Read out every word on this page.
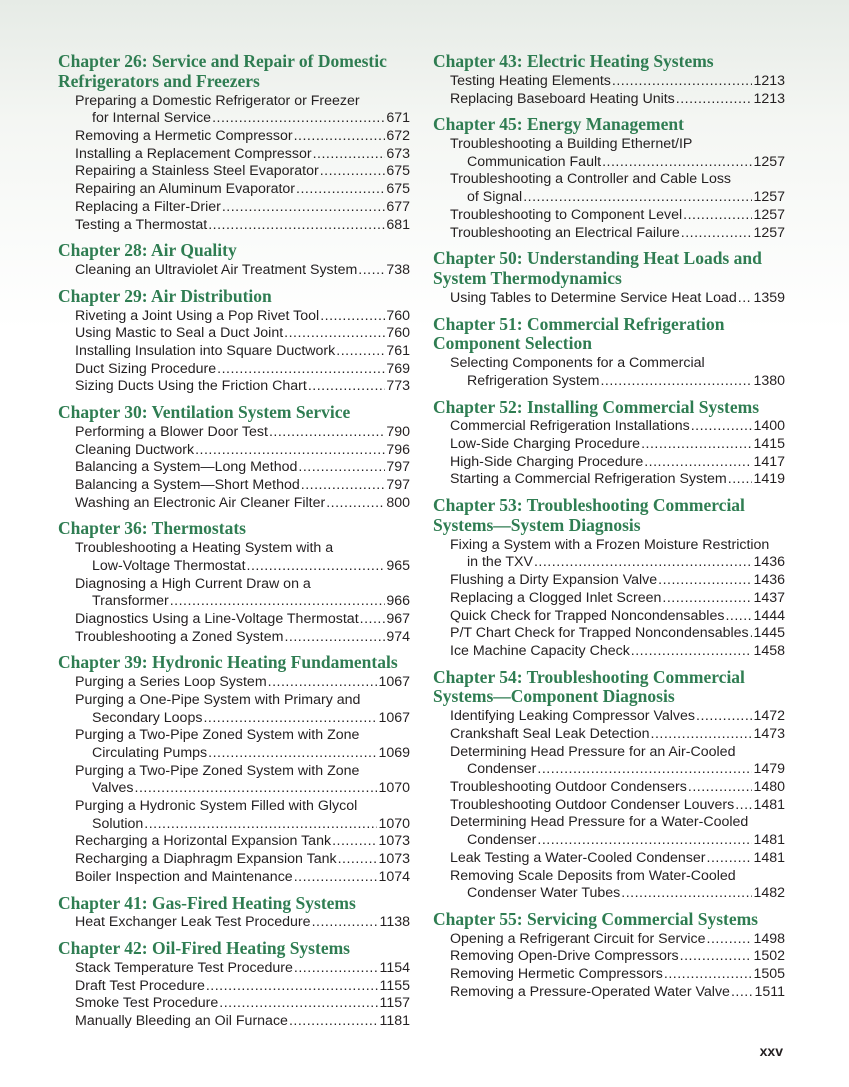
Chapter 26: Service and Repair of Domestic
Refrigerators and Freezers
Preparing a Domestic Refrigerator or Freezer
for Internal Service .....	671
Removing a Hermetic Compressor .....	672
Installing a Replacement Compressor .....	673
Repairing a Stainless Steel Evaporator .....	675
Repairing an Aluminum Evaporator .....	675
Replacing a Filter-Drier .....	677
Testing a Thermostat .....	681
Chapter 28: Air Quality
Cleaning an Ultraviolet Air Treatment System ..... 738
Chapter 29: Air Distribution
Riveting a Joint Using a Pop Rivet Tool .....	760
Using Mastic to Seal a Duct Joint .....	760
Installing Insulation into Square Ductwork .....	761
Duct Sizing Procedure .....	769
Sizing Ducts Using the Friction Chart .....	773
Chapter 30: Ventilation System Service
Performing a Blower Door Test .....	790
Cleaning Ductwork .....	796
Balancing a System—Long Method .....	797
Balancing a System—Short Method .....	797
Washing an Electronic Air Cleaner Filter .....	800
Chapter 36: Thermostats
Troubleshooting a Heating System with a
Low-Voltage Thermostat .....	965
Diagnosing a High Current Draw on a
Transformer .....	966
Diagnostics Using a Line-Voltage Thermostat ..... 967
Troubleshooting a Zoned System .....	974
Chapter 39: Hydronic Heating Fundamentals
Purging a Series Loop System .....	1067
Purging a One-Pipe System with Primary and
Secondary Loops .....	1067
Purging a Two-Pipe Zoned System with Zone
Circulating Pumps .....	1069
Purging a Two-Pipe Zoned System with Zone
Valves .....	1070
Purging a Hydronic System Filled with Glycol
Solution .....	1070
Recharging a Horizontal Expansion Tank .....	1073
Recharging a Diaphragm Expansion Tank .....	1073
Boiler Inspection and Maintenance .....	1074
Chapter 41: Gas-Fired Heating Systems
Heat Exchanger Leak Test Procedure .....	1138
Chapter 42: Oil-Fired Heating Systems
Stack Temperature Test Procedure .....	1154
Draft Test Procedure .....	1155
Smoke Test Procedure .....	1157
Manually Bleeding an Oil Furnace .....	1181
Chapter 43: Electric Heating Systems
Testing Heating Elements .....	1213
Replacing Baseboard Heating Units .....	1213
Chapter 45: Energy Management
Troubleshooting a Building Ethernet/IP
Communication Fault .....	1257
Troubleshooting a Controller and Cable Loss
of Signal .....	1257
Troubleshooting to Component Level .....	1257
Troubleshooting an Electrical Failure .....	1257
Chapter 50: Understanding Heat Loads and
System Thermodynamics
Using Tables to Determine Service Heat Load ..... 1359
Chapter 51: Commercial Refrigeration
Component Selection
Selecting Components for a Commercial
Refrigeration System .....	1380
Chapter 52: Installing Commercial Systems
Commercial Refrigeration Installations .....	1400
Low-Side Charging Procedure .....	1415
High-Side Charging Procedure .....	1417
Starting a Commercial Refrigeration System ..... 1419
Chapter 53: Troubleshooting Commercial
Systems—System Diagnosis
Fixing a System with a Frozen Moisture Restriction
in the TXV .....	1436
Flushing a Dirty Expansion Valve .....	1436
Replacing a Clogged Inlet Screen .....	1437
Quick Check for Trapped Noncondensables ..... 1444
P/T Chart Check for Trapped Noncondensables ..... 1445
Ice Machine Capacity Check .....	1458
Chapter 54: Troubleshooting Commercial
Systems—Component Diagnosis
Identifying Leaking Compressor Valves .....	1472
Crankshaft Seal Leak Detection .....	1473
Determining Head Pressure for an Air-Cooled
Condenser .....	1479
Troubleshooting Outdoor Condensers .....	1480
Troubleshooting Outdoor Condenser Louvers ..... 1481
Determining Head Pressure for a Water-Cooled
Condenser .....	1481
Leak Testing a Water-Cooled Condenser .....	1481
Removing Scale Deposits from Water-Cooled
Condenser Water Tubes .....	1482
Chapter 55: Servicing Commercial Systems
Opening a Refrigerant Circuit for Service .....	1498
Removing Open-Drive Compressors .....	1502
Removing Hermetic Compressors .....	1505
Removing a Pressure-Operated Water Valve ..... 1511
xxv
